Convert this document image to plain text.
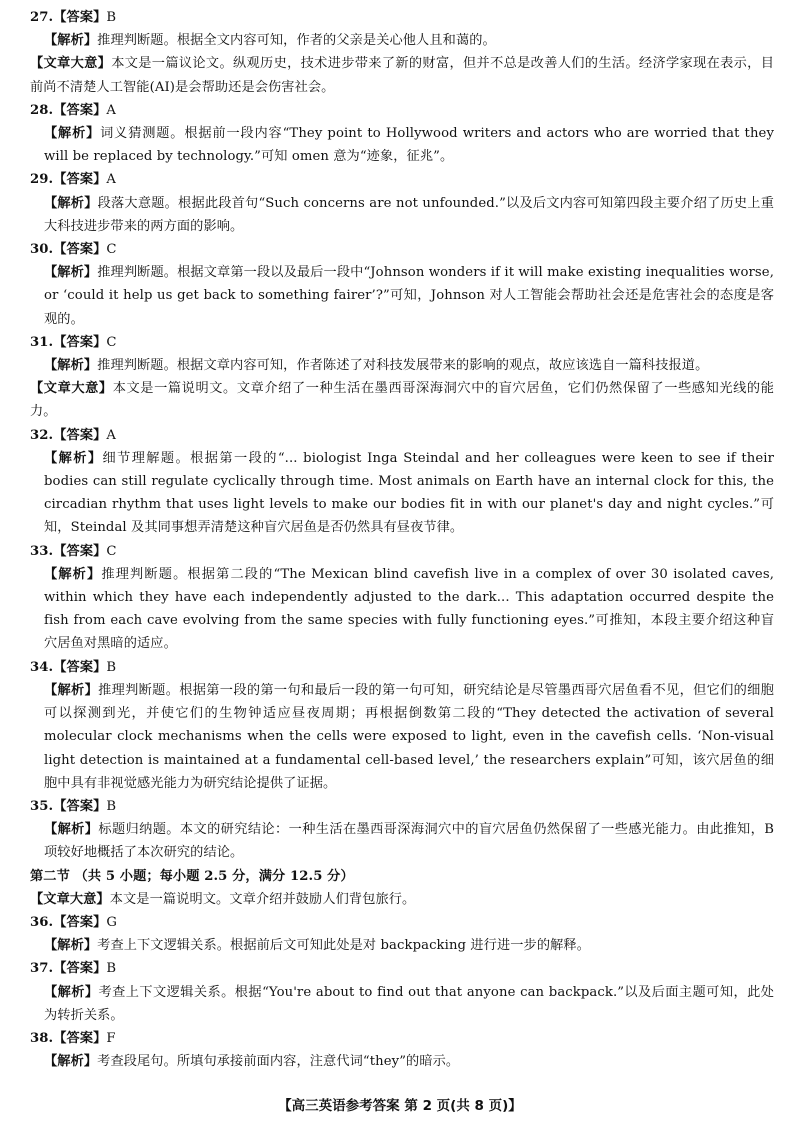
27.【答案】B

【解析】推理判断题。根据全文内容可知，作者的父亲是关心他人且和蔼的。

【文章大意】本文是一篇议论文。纵观历史，技术进步带来了新的财富，但并不总是改善人们的生活。经济学家现在表示，目前尚不清楚人工智能(AI)是会帮助还是会伤害社会。

28.【答案】A

【解析】词义猜测题。根据前一段内容“They point to Hollywood writers and actors who are worried that they will be replaced by technology.”可知 omen 意为“迹象，征兆”。

29.【答案】A

【解析】段落大意题。根据此段首句“Such concerns are not unfounded.”以及后文内容可知第四段主要介绍了历史上重大科技进步带来的两方面的影响。

30.【答案】C

【解析】推理判断题。根据文章第一段以及最后一段中“Johnson wonders if it will make existing inequalities worse, or ‘could it help us get back to something fairer’?”可知，Johnson 对人工智能会帮助社会还是危害社会的态度是客观的。

31.【答案】C

【解析】推理判断题。根据文章内容可知，作者陈述了对科技发展带来的影响的观点，故应该选自一篇科技报道。

【文章大意】本文是一篇说明文。文章介绍了一种生活在墨西哥深海洞穴中的盲穴居鱼，它们仍然保留了一些感知光线的能力。

32.【答案】A

【解析】细节理解题。根据第一段的“... biologist Inga Steindal and her colleagues were keen to see if their bodies can still regulate cyclically through time. Most animals on Earth have an internal clock for this, the circadian rhythm that uses light levels to make our bodies fit in with our planet's day and night cycles.”可知，Steindal 及其同事想弄清楚这种盲穴居鱼是否仍然具有昼夜节律。

33.【答案】C

【解析】推理判断题。根据第二段的“The Mexican blind cavefish live in a complex of over 30 isolated caves, within which they have each independently adjusted to the dark... This adaptation occurred despite the fish from each cave evolving from the same species with fully functioning eyes.”可推知，本段主要介绍这种盲穴居鱼对黑暗的适应。

34.【答案】B

【解析】推理判断题。根据第一段的第一句和最后一段的第一句可知，研究结论是尽管墨西哥穴居鱼看不见，但它们的细胞可以探测到光，并使它们的生物钟适应昼夜周期；再根据倒数第二段的“They detected the activation of several molecular clock mechanisms when the cells were exposed to light, even in the cavefish cells. ‘Non-visual light detection is maintained at a fundamental cell-based level,’ the researchers explain”可知，该穴居鱼的细胞中具有非视觉感光能力为研究结论提供了证据。

35.【答案】B

【解析】标题归纳题。本文的研究结论：一种生活在墨西哥深海洞穴中的盲穴居鱼仍然保留了一些感光能力。由此推知，B 项较好地概括了本次研究的结论。

第二节 （共 5 小题；每小题 2.5 分，满分 12.5 分）

【文章大意】本文是一篇说明文。文章介绍并鼓励人们背包旅行。

36.【答案】G

【解析】考查上下文逻辑关系。根据前后文可知此处是对 backpacking 进行进一步的解释。

37.【答案】B

【解析】考查上下文逻辑关系。根据“You're about to find out that anyone can backpack.”以及后面主题可知，此处为转折关系。

38.【答案】F

【解析】考查段尾句。所填句承接前面内容，注意代词“they”的暗示。

【高三英语参考答案 第 2 页(共 8 页)】
